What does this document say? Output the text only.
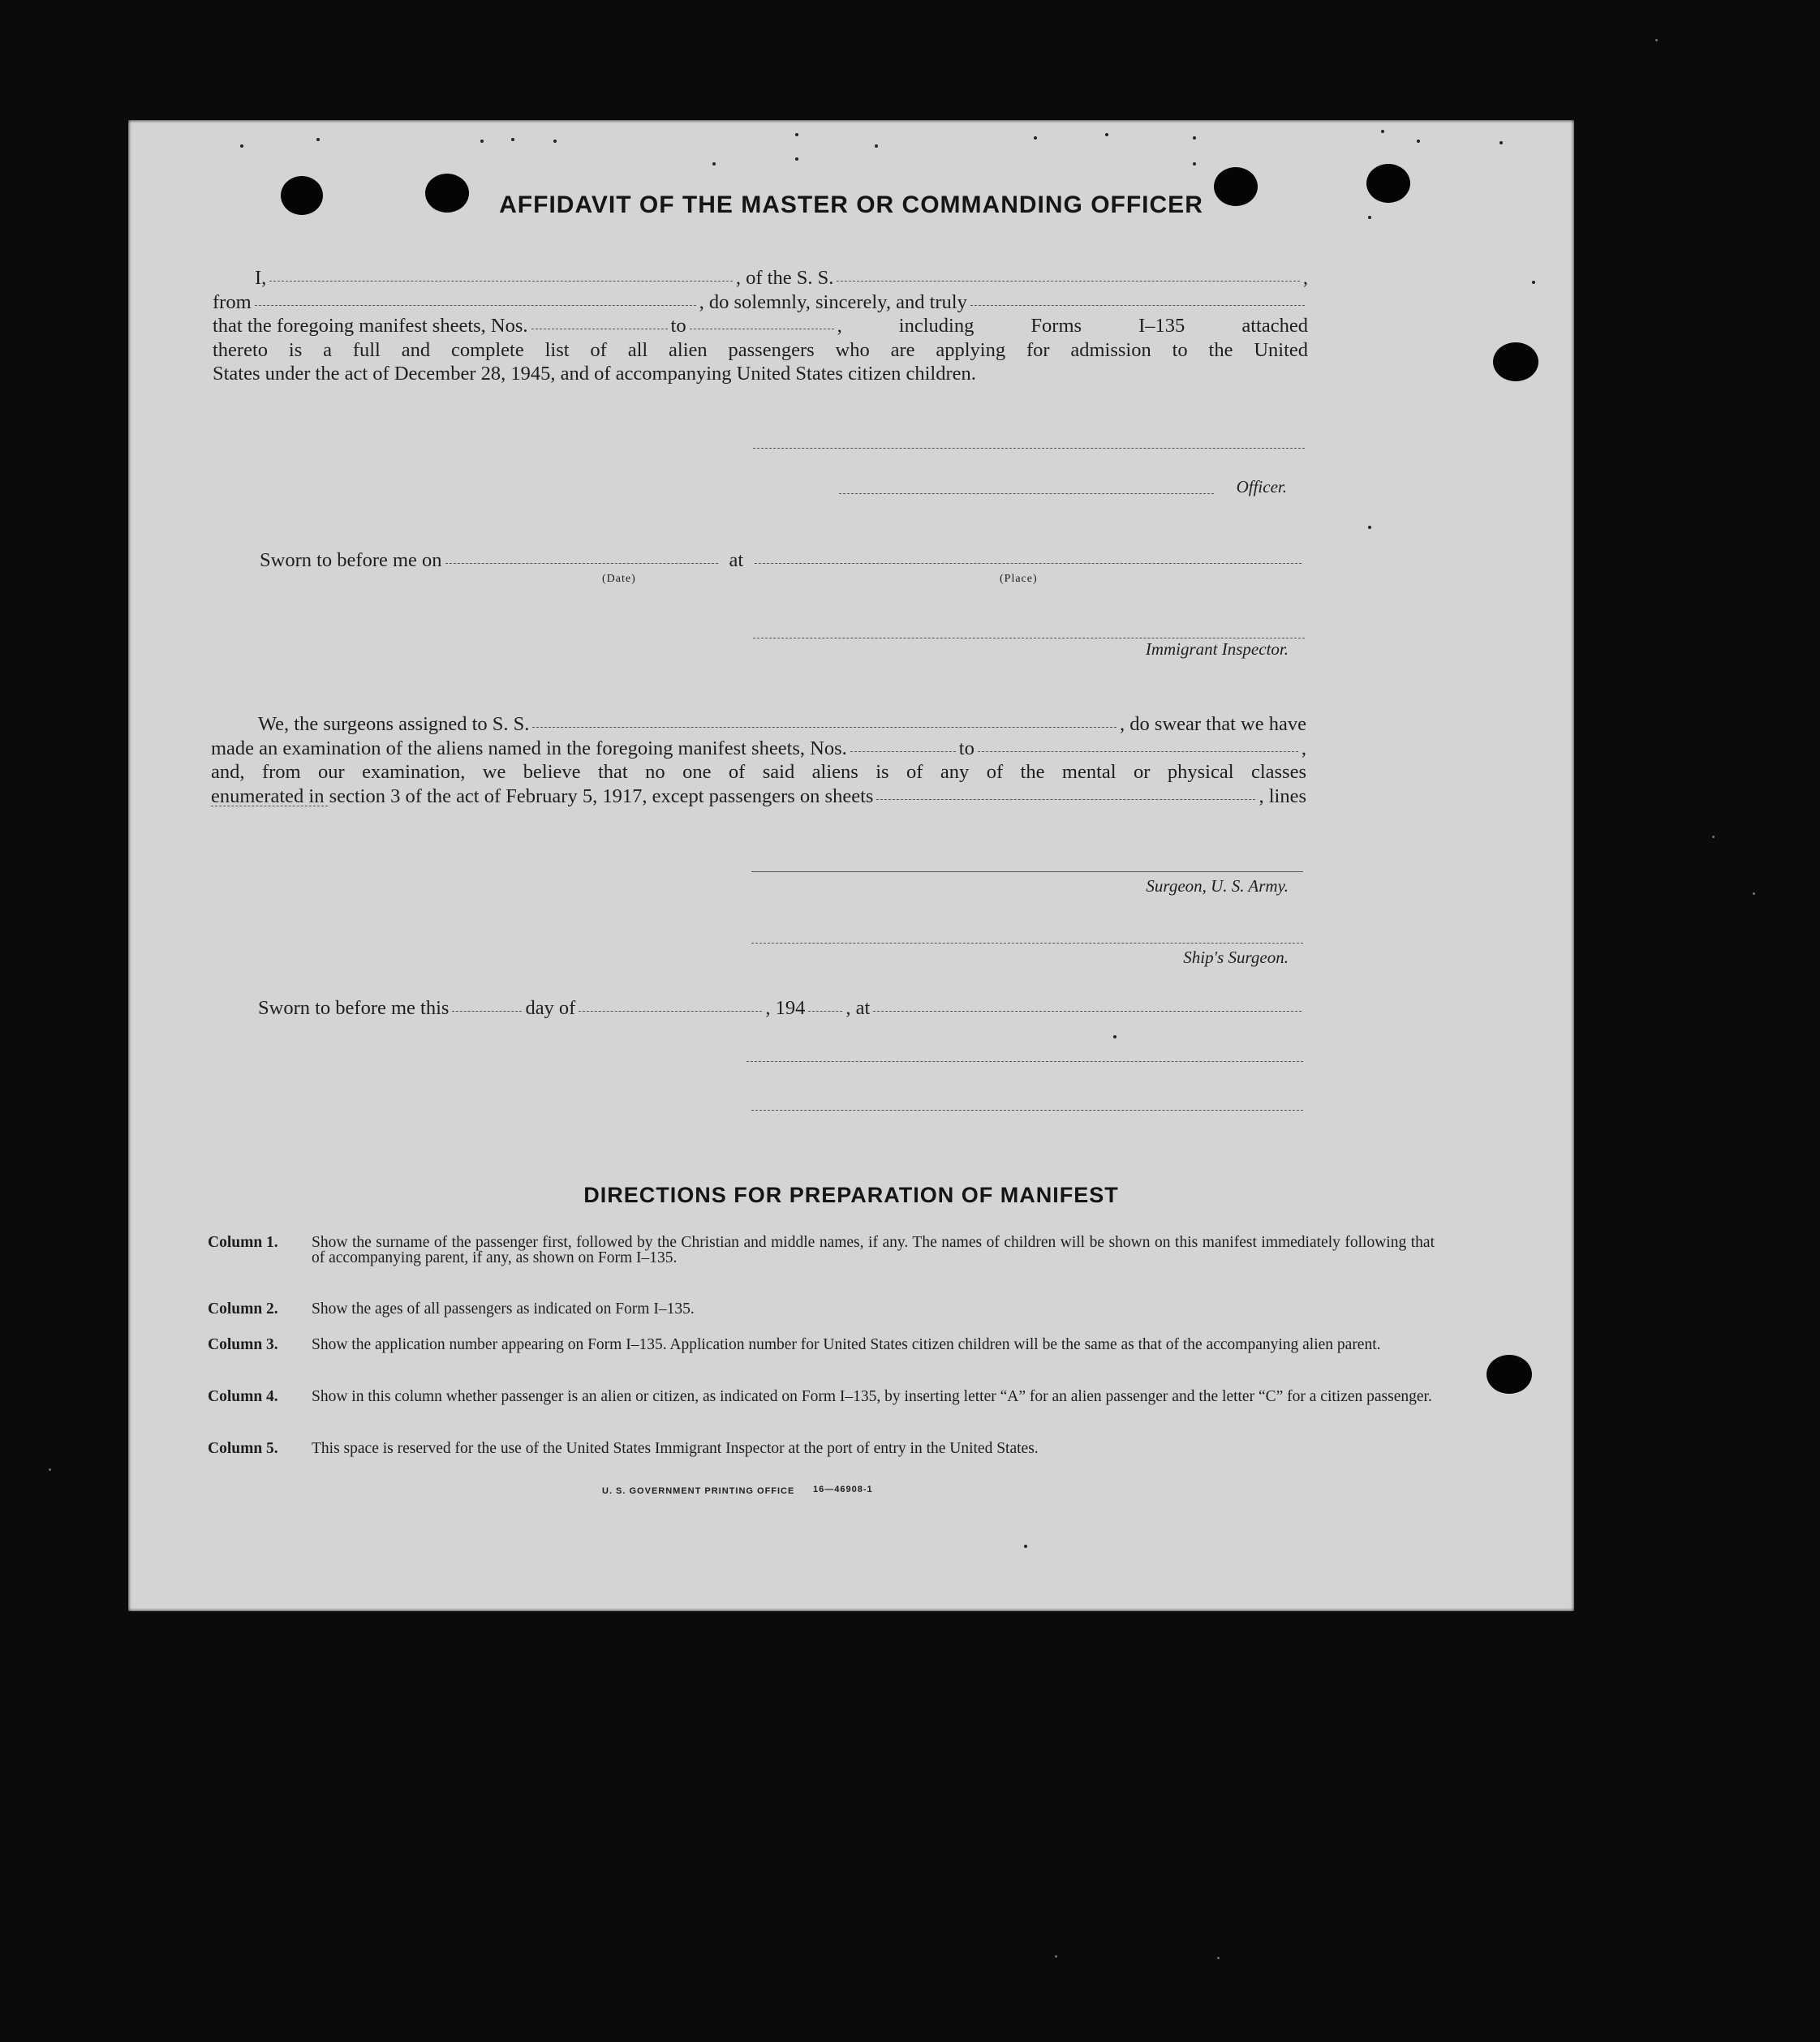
AFFIDAVIT OF THE MASTER OR COMMANDING OFFICER
I,	, of the S. S.	,
from	, do solemnly, sincerely, and truly
that the foregoing manifest sheets, Nos.	to	, including Forms I–135 attached
thereto is a full and complete list of all alien passengers who are applying for admission to the United
States under the act of December 28, 1945, and of accompanying United States citizen children.
Officer.
Sworn to before me on	at
(Date)	(Place)
Immigrant Inspector.
We, the surgeons assigned to S. S.	, do swear that we have
made an examination of the aliens named in the foregoing manifest sheets, Nos.	to	,
and, from our examination, we believe that no one of said aliens is of any of the mental or physical classes
enumerated in section 3 of the act of February 5, 1917, except passengers on sheets	, lines
Surgeon, U. S. Army.
Ship's Surgeon.
Sworn to before me this	day of	, 194 , at
DIRECTIONS FOR PREPARATION OF MANIFEST
Column 1.	Show the surname of the passenger first, followed by the Christian and middle names, if any. The names of children will be shown on this manifest immediately following that of accompanying parent, if any, as shown on Form I–135.
Column 2.	Show the ages of all passengers as indicated on Form I–135.
Column 3.	Show the application number appearing on Form I–135. Application number for United States citizen children will be the same as that of the accompanying alien parent.
Column 4.	Show in this column whether passenger is an alien or citizen, as indicated on Form I–135, by inserting letter “A” for an alien passenger and the letter “C” for a citizen passenger.
Column 5.	This space is reserved for the use of the United States Immigrant Inspector at the port of entry in the United States.
U. S. GOVERNMENT PRINTING OFFICE 16—46908-1
